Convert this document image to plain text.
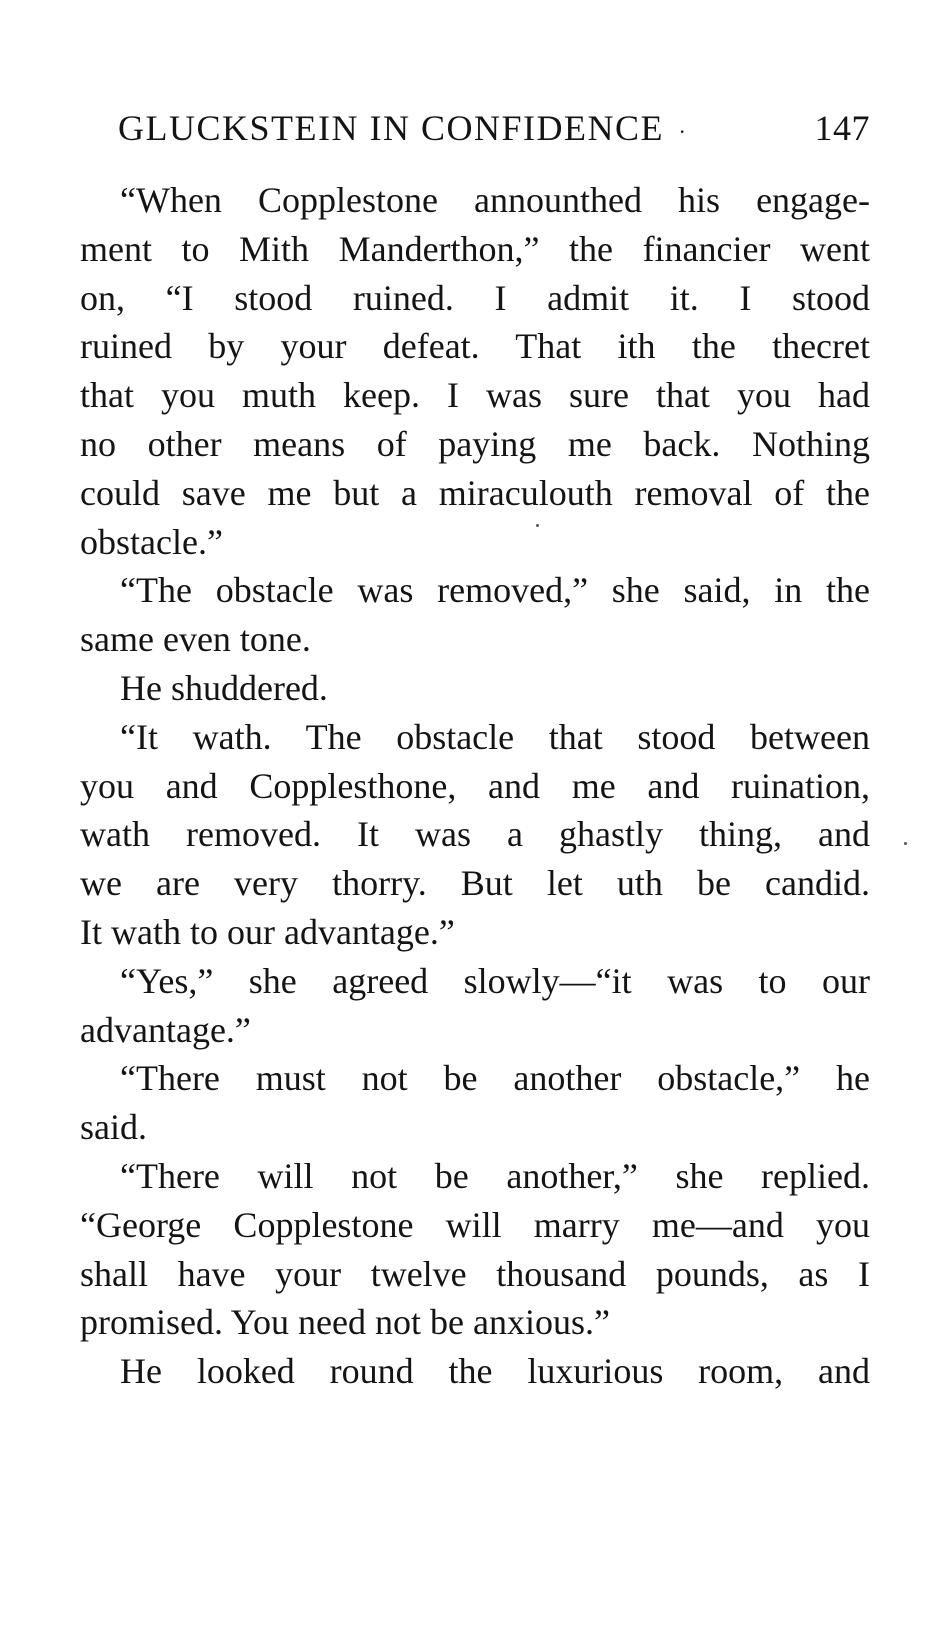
GLUCKSTEIN IN CONFIDENCE ·	147
“When Copplestone announthed his engage-
ment to Mith Manderthon,” the financier went
on, “I stood ruined. I admit it. I stood
ruined by your defeat. That ith the thecret
that you muth keep. I was sure that you had
no other means of paying me back. Nothing
could save me but a miraculouth removal of the
obstacle.”
“The obstacle was removed,” she said, in the
same even tone.
He shuddered.
“It wath. The obstacle that stood between
you and Copplesthone, and me and ruination,
wath removed. It was a ghastly thing, and
we are very thorry. But let uth be candid.
It wath to our advantage.”
“Yes,” she agreed slowly—“it was to our
advantage.”
“There must not be another obstacle,” he
said.
“There will not be another,” she replied.
“George Copplestone will marry me—and you
shall have your twelve thousand pounds, as I
promised. You need not be anxious.”
He looked round the luxurious room, and
